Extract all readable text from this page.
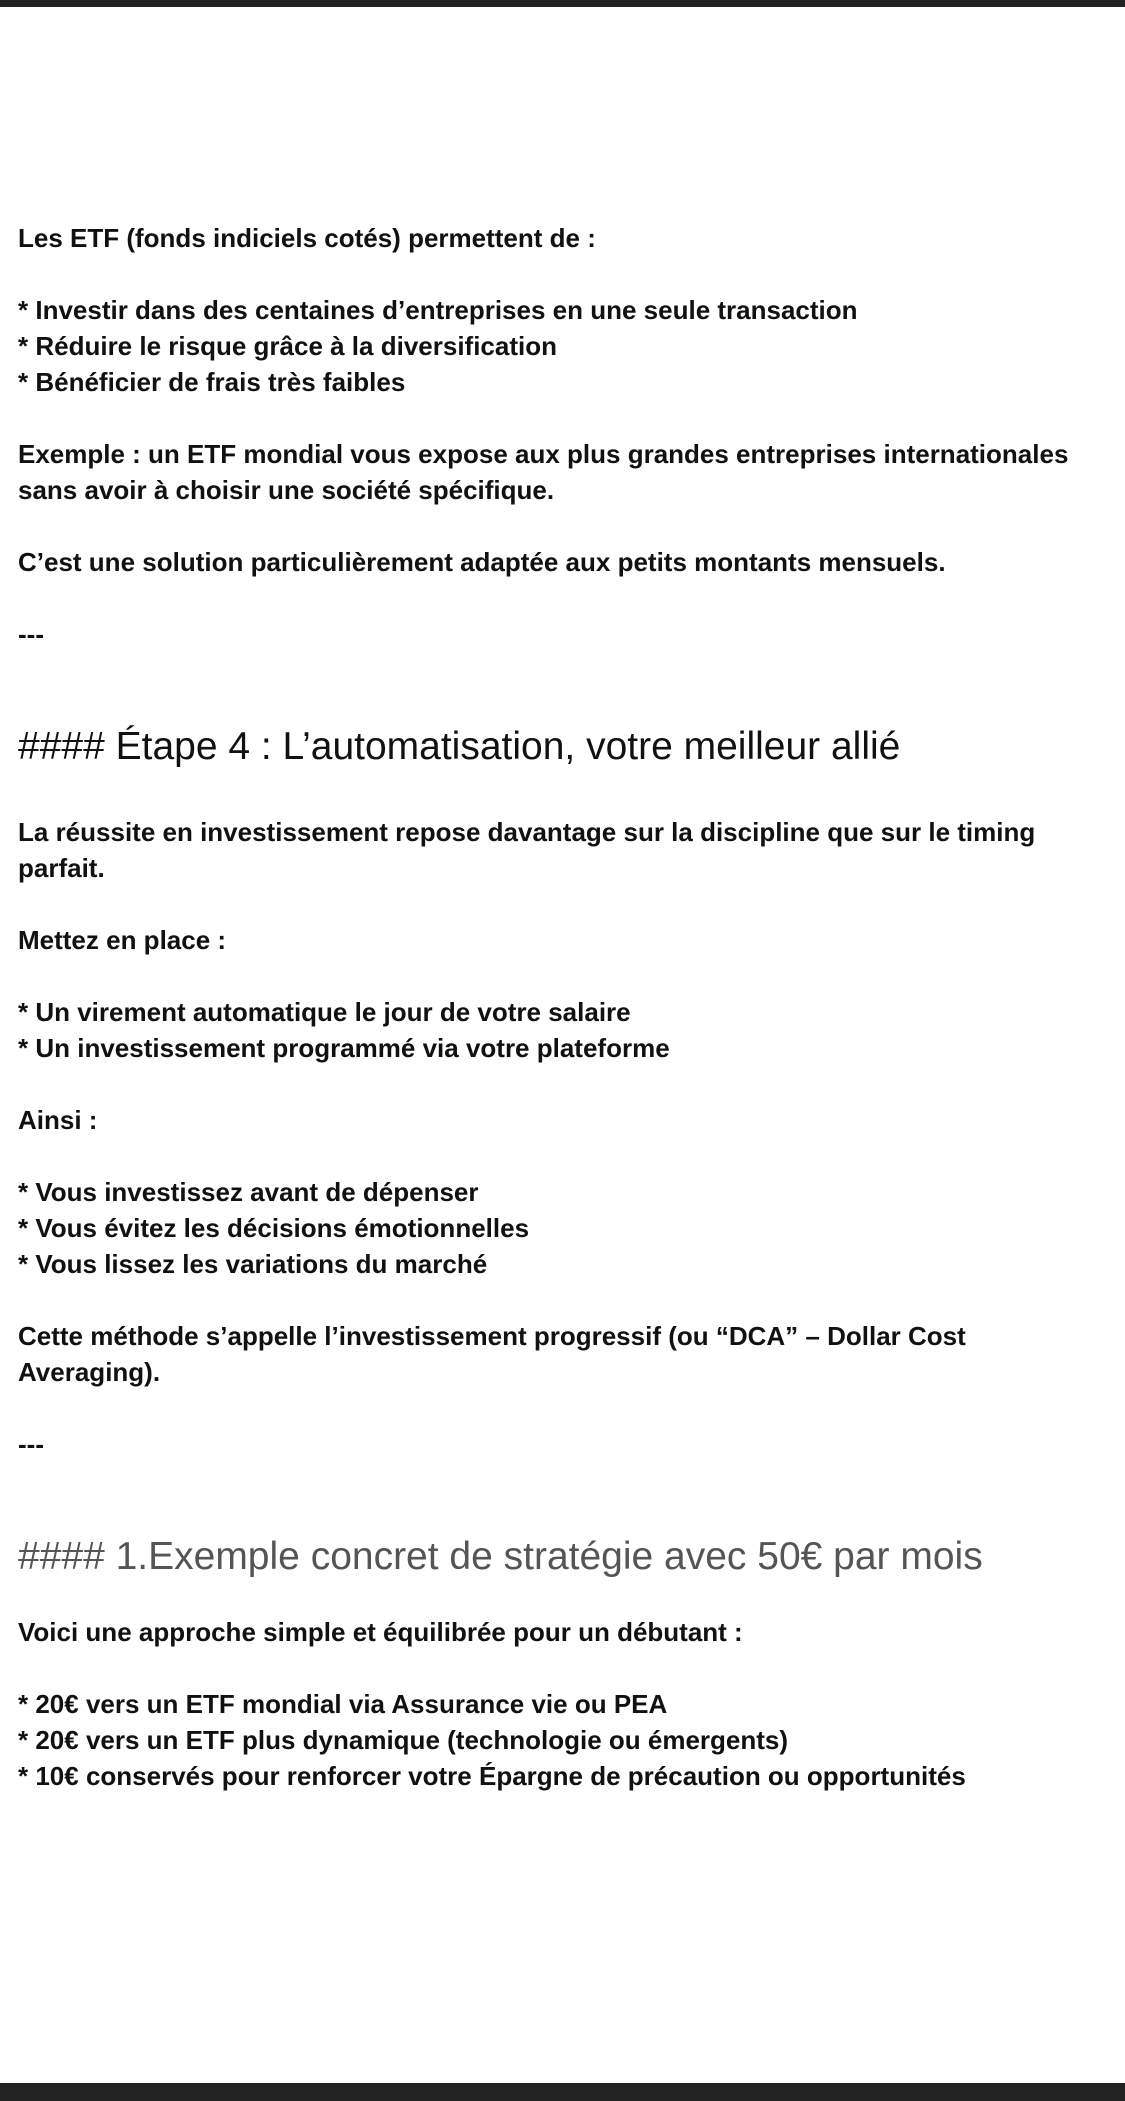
Les ETF (fonds indiciels cotés) permettent de :

* Investir dans des centaines d’entreprises en une seule transaction

* Réduire le risque grâce à la diversification

* Bénéficier de frais très faibles

Exemple : un ETF mondial vous expose aux plus grandes entreprises internationales

sans avoir à choisir une société spécifique.

C’est une solution particulièrement adaptée aux petits montants mensuels.

---

#### Étape 4 : L’automatisation, votre meilleur allié

La réussite en investissement repose davantage sur la discipline que sur le timing

parfait.

Mettez en place :

* Un virement automatique le jour de votre salaire

* Un investissement programmé via votre plateforme

Ainsi :

* Vous investissez avant de dépenser

* Vous évitez les décisions émotionnelles

* Vous lissez les variations du marché

Cette méthode s’appelle l’investissement progressif (ou “DCA” – Dollar Cost

Averaging).

---

#### 1.Exemple concret de stratégie avec 50€ par mois

Voici une approche simple et équilibrée pour un débutant :

* 20€ vers un ETF mondial via Assurance vie ou PEA

* 20€ vers un ETF plus dynamique (technologie ou émergents)

* 10€ conservés pour renforcer votre Épargne de précaution ou opportunités
